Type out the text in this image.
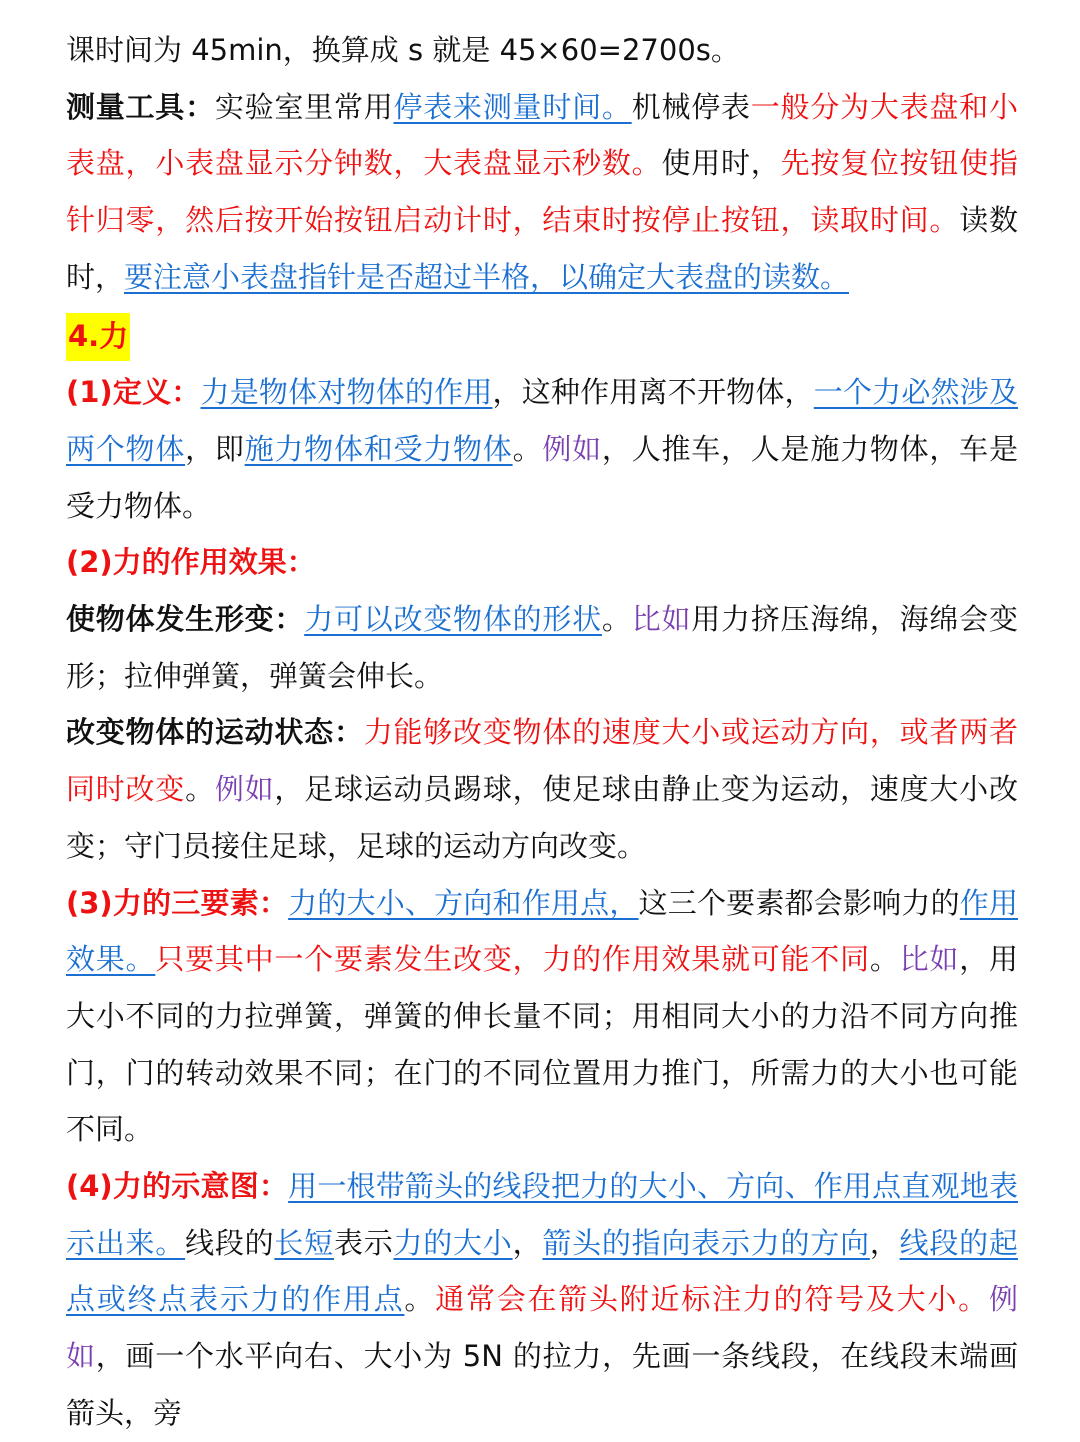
课时间为 45min，换算成 s 就是 45×60=2700s。

测量工具：实验室里常用停表来测量时间。机械停表一般分为大表盘和小表盘，小表盘显示分钟数，大表盘显示秒数。使用时，先按复位按钮使指针归零，然后按开始按钮启动计时，结束时按停止按钮，读取时间。读数时，要注意小表盘指针是否超过半格，以确定大表盘的读数。

4.力

(1)定义：力是物体对物体的作用，这种作用离不开物体，一个力必然涉及两个物体，即施力物体和受力物体。例如，人推车，人是施力物体，车是受力物体。

(2)力的作用效果：

使物体发生形变：力可以改变物体的形状。比如用力挤压海绵，海绵会变形；拉伸弹簧，弹簧会伸长。

改变物体的运动状态：力能够改变物体的速度大小或运动方向，或者两者同时改变。例如，足球运动员踢球，使足球由静止变为运动，速度大小改变；守门员接住足球，足球的运动方向改变。

(3)力的三要素：力的大小、方向和作用点，这三个要素都会影响力的作用效果。只要其中一个要素发生改变，力的作用效果就可能不同。比如，用大小不同的力拉弹簧，弹簧的伸长量不同；用相同大小的力沿不同方向推门，门的转动效果不同；在门的不同位置用力推门，所需力的大小也可能不同。

(4)力的示意图：用一根带箭头的线段把力的大小、方向、作用点直观地表示出来。线段的长短表示力的大小，箭头的指向表示力的方向，线段的起点或终点表示力的作用点。通常会在箭头附近标注力的符号及大小。例如，画一个水平向右、大小为 5N 的拉力，先画一条线段，在线段末端画箭头，旁
